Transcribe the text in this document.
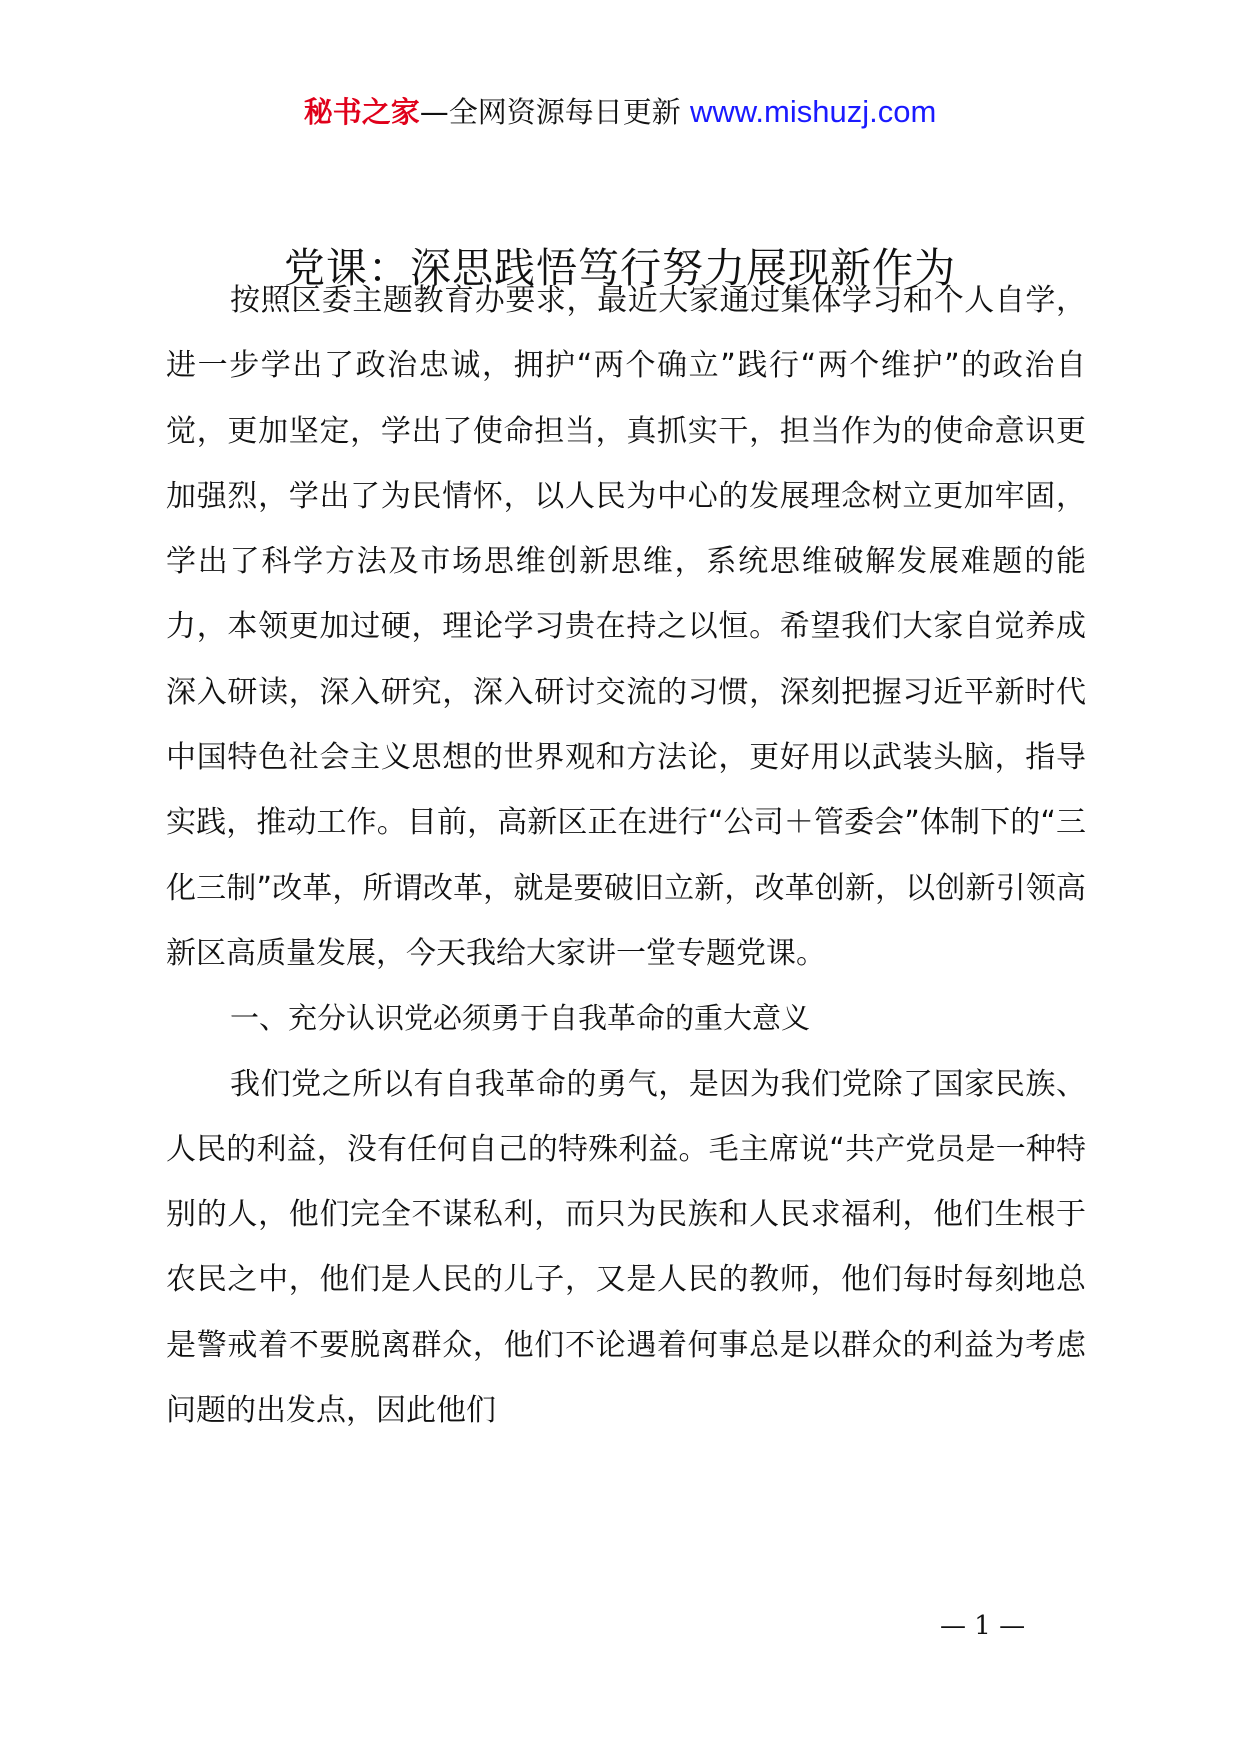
秘书之家—全网资源每日更新 www.mishuzj.com
党课：深思践悟笃行努力展现新作为

按照区委主题教育办要求，最近大家通过集体学习和个人自学，进一步学出了政治忠诚，拥护“两个确立”践行“两个维护”的政治自觉，更加坚定，学出了使命担当，真抓实干，担当作为的使命意识更加强烈，学出了为民情怀，以人民为中心的发展理念树立更加牢固，学出了科学方法及市场思维创新思维，系统思维破解发展难题的能力，本领更加过硬，理论学习贵在持之以恒。希望我们大家自觉养成深入研读，深入研究，深入研讨交流的习惯，深刻把握习近平新时代中国特色社会主义思想的世界观和方法论，更好用以武装头脑，指导实践，推动工作。目前，高新区正在进行“公司＋管委会”体制下的“三化三制”改革，所谓改革，就是要破旧立新，改革创新，以创新引领高新区高质量发展，今天我给大家讲一堂专题党课。

一、充分认识党必须勇于自我革命的重大意义

我们党之所以有自我革命的勇气，是因为我们党除了国家民族、人民的利益，没有任何自己的特殊利益。毛主席说“共产党员是一种特别的人，他们完全不谋私利，而只为民族和人民求福利，他们生根于农民之中，他们是人民的儿子，又是人民的教师，他们每时每刻地总是警戒着不要脱离群众，他们不论遇着何事总是以群众的利益为考虑问题的出发点，因此他们

— 1 —
